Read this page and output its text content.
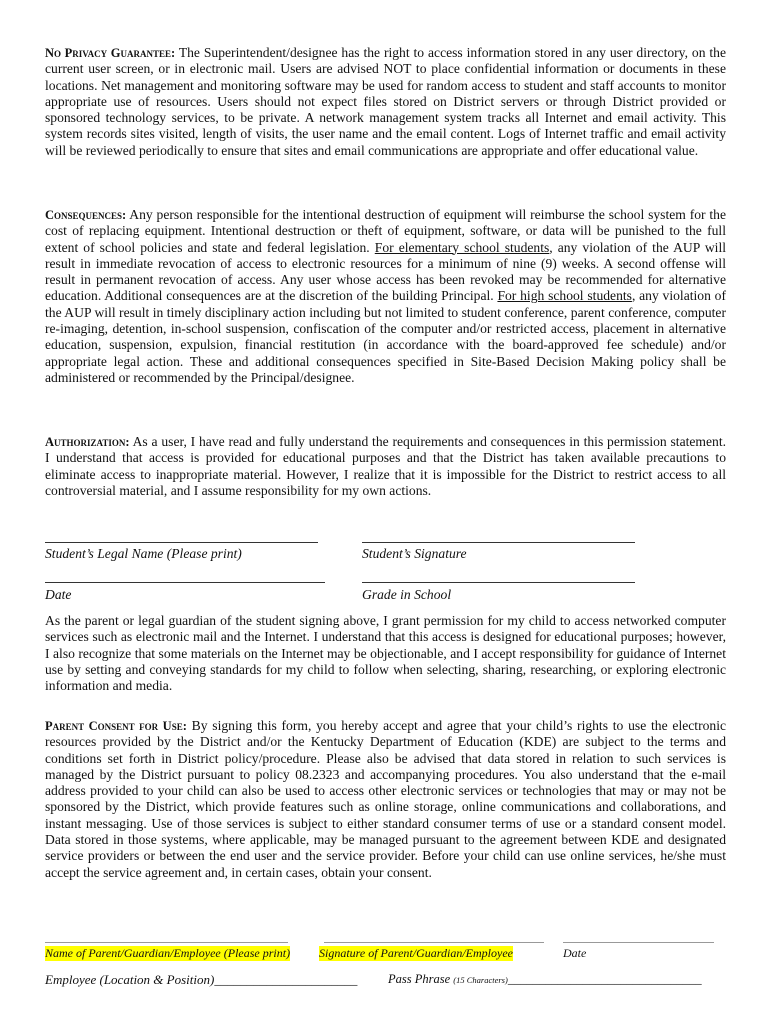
No Privacy Guarantee: The Superintendent/designee has the right to access information stored in any user directory, on the current user screen, or in electronic mail. Users are advised NOT to place confidential information or documents in these locations. Net management and monitoring software may be used for random access to student and staff accounts to monitor appropriate use of resources. Users should not expect files stored on District servers or through District provided or sponsored technology services, to be private. A network management system tracks all Internet and email activity. This system records sites visited, length of visits, the user name and the email content. Logs of Internet traffic and email activity will be reviewed periodically to ensure that sites and email communications are appropriate and offer educational value.
Consequences: Any person responsible for the intentional destruction of equipment will reimburse the school system for the cost of replacing equipment. Intentional destruction or theft of equipment, software, or data will be punished to the full extent of school policies and state and federal legislation. For elementary school students, any violation of the AUP will result in immediate revocation of access to electronic resources for a minimum of nine (9) weeks. A second offense will result in permanent revocation of access. Any user whose access has been revoked may be recommended for alternative education. Additional consequences are at the discretion of the building Principal. For high school students, any violation of the AUP will result in timely disciplinary action including but not limited to student conference, parent conference, computer re-imaging, detention, in-school suspension, confiscation of the computer and/or restricted access, placement in alternative education, suspension, expulsion, financial restitution (in accordance with the board-approved fee schedule) and/or appropriate legal action. These and additional consequences specified in Site-Based Decision Making policy shall be administered or recommended by the Principal/designee.
Authorization: As a user, I have read and fully understand the requirements and consequences in this permission statement. I understand that access is provided for educational purposes and that the District has taken available precautions to eliminate access to inappropriate material. However, I realize that it is impossible for the District to restrict access to all controversial material, and I assume responsibility for my own actions.
Student’s Legal Name (Please print)	Student’s Signature
Date	Grade in School
As the parent or legal guardian of the student signing above, I grant permission for my child to access networked computer services such as electronic mail and the Internet. I understand that this access is designed for educational purposes; however, I also recognize that some materials on the Internet may be objectionable, and I accept responsibility for guidance of Internet use by setting and conveying standards for my child to follow when selecting, sharing, researching, or exploring electronic information and media.
Parent Consent for Use: By signing this form, you hereby accept and agree that your child’s rights to use the electronic resources provided by the District and/or the Kentucky Department of Education (KDE) are subject to the terms and conditions set forth in District policy/procedure. Please also be advised that data stored in relation to such services is managed by the District pursuant to policy 08.2323 and accompanying procedures. You also understand that the e-mail address provided to your child can also be used to access other electronic services or technologies that may or may not be sponsored by the District, which provide features such as online storage, online communications and collaborations, and instant messaging. Use of those services is subject to either standard consumer terms of use or a standard consent model. Data stored in those systems, where applicable, may be managed pursuant to the agreement between KDE and designated service providers or between the end user and the service provider. Before your child can use online services, he/she must accept the service agreement and, in certain cases, obtain your consent.
Name of Parent/Guardian/Employee (Please print) Signature of Parent/Guardian/Employee	Date
Employee (Location & Position)______________________ Pass Phrase (15 Characters)_______________________________
